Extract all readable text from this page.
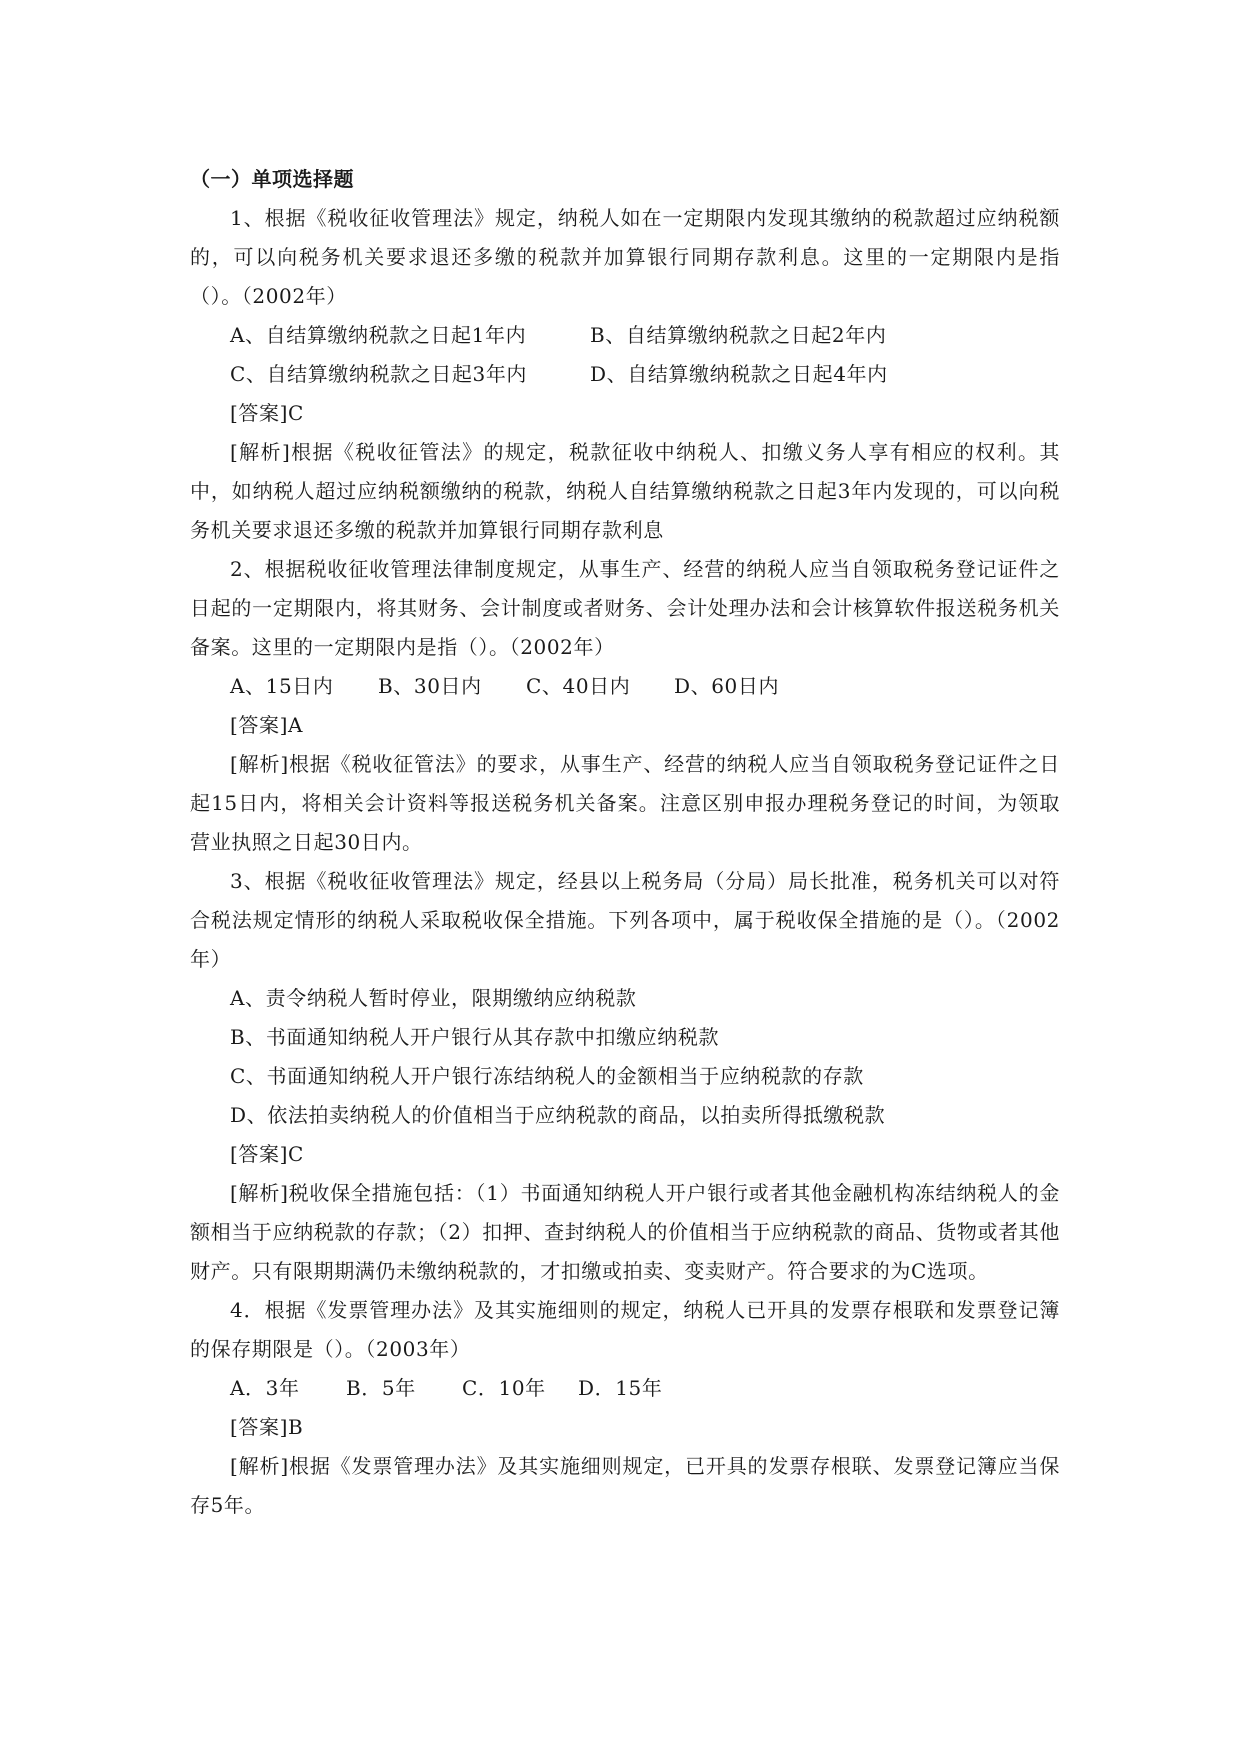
（一）单项选择题
1、根据《税收征收管理法》规定，纳税人如在一定期限内发现其缴纳的税款超过应纳税额的，可以向税务机关要求退还多缴的税款并加算银行同期存款利息。这里的一定期限内是指（）。（2002年）
A、自结算缴纳税款之日起1年内	B、自结算缴纳税款之日起2年内
C、自结算缴纳税款之日起3年内	D、自结算缴纳税款之日起4年内
[答案]C
[解析]根据《税收征管法》的规定，税款征收中纳税人、扣缴义务人享有相应的权利。其中，如纳税人超过应纳税额缴纳的税款，纳税人自结算缴纳税款之日起3年内发现的，可以向税务机关要求退还多缴的税款并加算银行同期存款利息
2、根据税收征收管理法律制度规定，从事生产、经营的纳税人应当自领取税务登记证件之日起的一定期限内，将其财务、会计制度或者财务、会计处理办法和会计核算软件报送税务机关备案。这里的一定期限内是指（）。（2002年）
A、15日内 B、30日内 C、40日内 D、60日内
[答案]A
[解析]根据《税收征管法》的要求，从事生产、经营的纳税人应当自领取税务登记证件之日起15日内，将相关会计资料等报送税务机关备案。注意区别申报办理税务登记的时间，为领取营业执照之日起30日内。
3、根据《税收征收管理法》规定，经县以上税务局（分局）局长批准，税务机关可以对符合税法规定情形的纳税人采取税收保全措施。下列各项中，属于税收保全措施的是（）。（2002年）
A、责令纳税人暂时停业，限期缴纳应纳税款
B、书面通知纳税人开户银行从其存款中扣缴应纳税款
C、书面通知纳税人开户银行冻结纳税人的金额相当于应纳税款的存款
D、依法拍卖纳税人的价值相当于应纳税款的商品，以拍卖所得抵缴税款
[答案]C
[解析]税收保全措施包括：（1）书面通知纳税人开户银行或者其他金融机构冻结纳税人的金额相当于应纳税款的存款；（2）扣押、查封纳税人的价值相当于应纳税款的商品、货物或者其他财产。只有限期期满仍未缴纳税款的，才扣缴或拍卖、变卖财产。符合要求的为C选项。
4．根据《发票管理办法》及其实施细则的规定，纳税人已开具的发票存根联和发票登记簿的保存期限是（）。（2003年）
A．3年 B．5年 C．10年 D．15年
[答案]B
[解析]根据《发票管理办法》及其实施细则规定，已开具的发票存根联、发票登记簿应当保存5年。
